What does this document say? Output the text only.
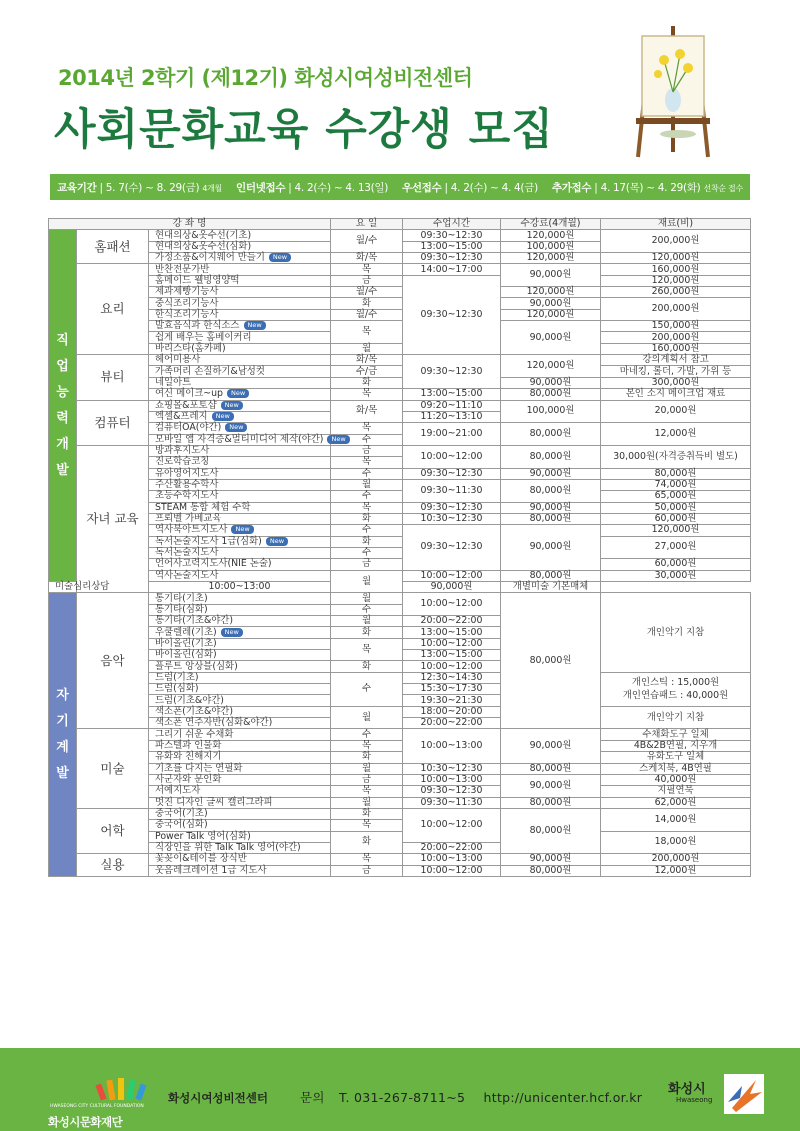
2014년 2학기 (제12기) 화성시여성비전센터
사회문화교육 수강생 모집
교육기간 | 5. 7(수) ~ 8. 29(금) 4개월 인터넷접수 | 4. 2(수) ~ 4. 13(일) 우선접수 | 4. 2(수) ~ 4. 4(금) 추가접수 | 4. 17(목) ~ 4. 29(화) 선착순 접수
강 좌 명			요 일	수업시간	수강료(4개월)	재료(비)
직업능력개발	홈패션	현대의상&옷수선(기초)	월/수	09:30~12:30	120,000원	200,000원
		현대의상&옷수선(심화)		13:00~15:00	100,000원	
		가정소품&이지웨어 만들기 New	화/목	09:30~12:30	120,000원	120,000원
	요리	반찬전문가반	목	14:00~17:00	90,000원	160,000원
		홈메이드 웰빙영양떡	금	09:30~12:30		120,000원
		제과제빵기능사	월/수		120,000원	260,000원
		중식조리기능사	화		90,000원	200,000원
		한식조리기능사	월/수		120,000원	
		발효음식과 한식소스 New	목		90,000원	150,000원
		쉽게 배우는 홈베이커리				200,000원
		바리스타(홈카페)	월			160,000원
	뷰티	헤어미용사	화/목	09:30~12:30	120,000원	강의계획서 참고
		가족머리 손질하기&남성컷	수/금			마네킹, 롤더, 가발, 가위 등
		네일아트	화		90,000원	300,000원
		여신 메이크~up New	목	13:00~15:00	80,000원	본인 소지 메이크업 재료
	컴퓨터	쇼핑몰&포토샵 New	화/목	09:20~11:10	100,000원	20,000원
		엑셀&프레지 New		11:20~13:10		
		컴퓨터OA(야간) New	목	19:00~21:00	80,000원	12,000원
		모바일 앱 자격증&멀티미디어 제작(야간) New	수			
	자녀 교육	방과후지도사	금	10:00~12:00	80,000원	30,000원(자격증취득비 별도)
		진로학습코칭	목			
		유아영어지도사	수	09:30~12:30	90,000원	80,000원
		주산활용수학사	월	09:30~11:30	80,000원	74,000원
		초등수학지도사	수			65,000원
		STEAM 통합 체험 수학	목	09:30~12:30	90,000원	50,000원
		프뢰벨 가베교육	화	10:30~12:30	80,000원	60,000원
		역사북아트지도사 New	수	09:30~12:30	90,000원	120,000원
		독서논술지도사 1급(심화) New	화			27,000원
		독서논술지도사	수			
		언어사고력지도사(NIE 논술)	금			60,000원
		역사논술지도사	월	10:00~12:00	80,000원	30,000원
미술심리상담		10:00~13:00		90,000원	개별미술 기본매체	
자기계발	음악	통기타(기초)	월	10:00~12:00	80,000원	개인악기 지참
		통기타(심화)	수			
		통기타(기초&야간)	월	20:00~22:00		
		우쿨렐레(기초) New	화	13:00~15:00		
		바이올린(기초)	목	10:00~12:00		
		바이올린(심화)		13:00~15:00		
		플루트 앙상블(심화)	화	10:00~12:00		
		드럼(기초)	수	12:30~14:30		개인스틱 : 15,000원
개인연습패드 : 40,000원
		드럼(심화)		15:30~17:30		
		드럼(기초&야간)		19:30~21:30		
		색소폰(기초&야간)	월	18:00~20:00		개인악기 지참
		색소폰 연주자반(심화&야간)		20:00~22:00		
	미술	그리기 쉬운 수채화	수	10:00~13:00	90,000원	수채화도구 일체
		파스텔과 인물화	목			4B&2B연필, 지우개
		유화와 친해지기	화			유화도구 일체
		기초를 다지는 연필화	월	10:30~12:30	80,000원	스케치북, 4B연필
		사군자와 문인화	금	10:00~13:00	90,000원	40,000원
		서예지도자	목	09:30~12:30		지필연묵
		멋진 디자인 글씨 캘리그라피	월	09:30~11:30	80,000원	62,000원
	어학	중국어(기초)	화	10:00~12:00	80,000원	14,000원
		중국어(심화)	목			
		Power Talk 영어(심화)	화			18,000원
		직장인을 위한 Talk Talk 영어(야간)		20:00~22:00		
	실용	꽃꽂이&테이블 장식반	목	10:00~13:00	90,000원	200,000원
		웃음레크레이션 1급 지도사	금	10:00~12:00	80,000원	12,000원
HWASEONG CITY CULTURAL FOUNDATION
화성시문화재단
화성시여성비전센터	문의 T. 031-267-8711~5 http://unicenter.hcf.or.kr
화성시
Hwaseong
